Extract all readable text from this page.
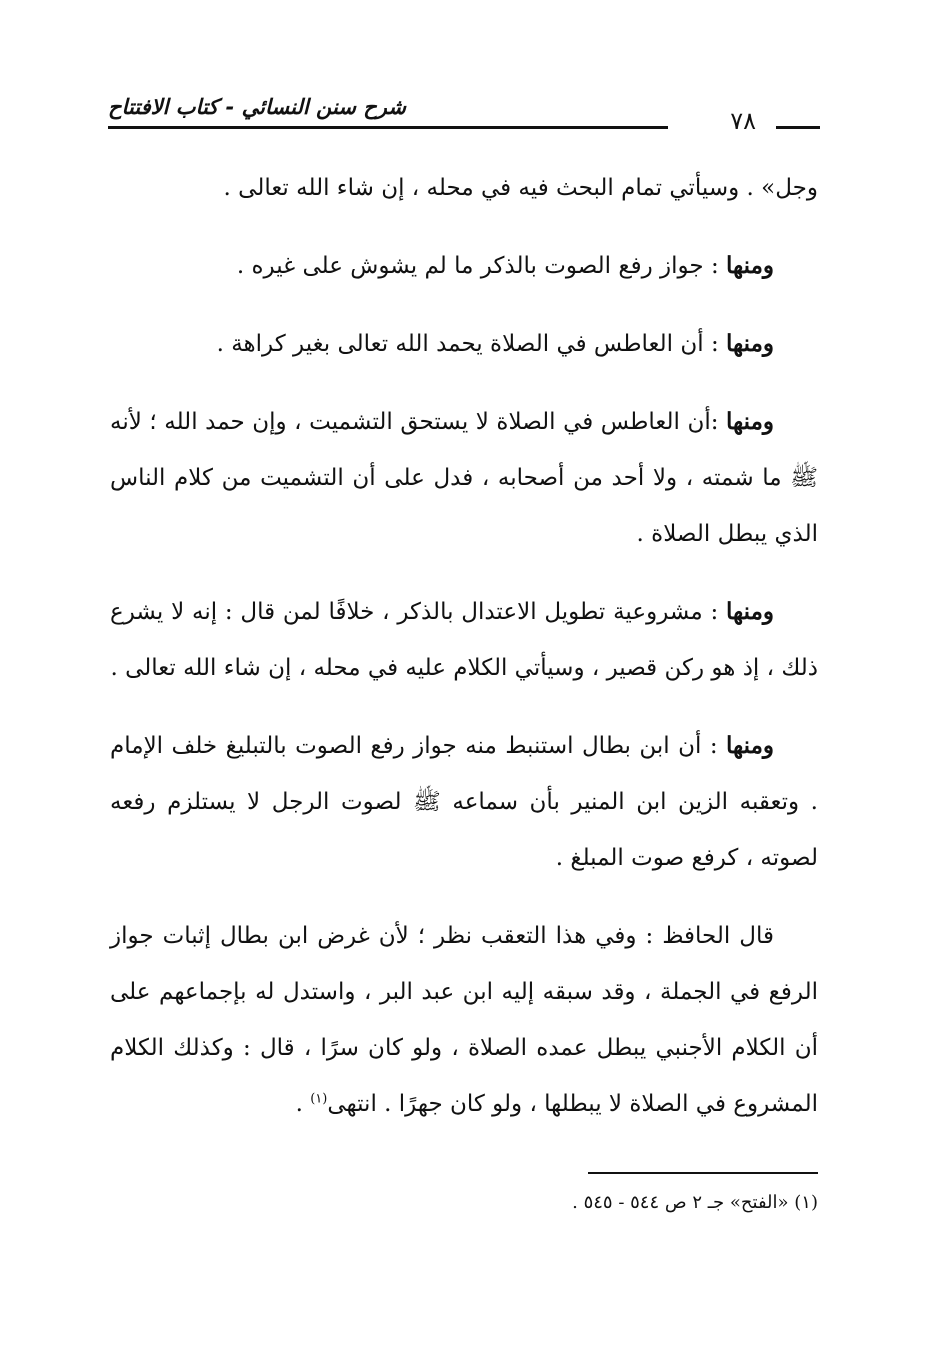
شرح سنن النسائي - كتاب الافتتاح	٧٨

وجل» . وسيأتي تمام البحث فيه في محله ، إن شاء الله تعالى .

ومنها : جواز رفع الصوت بالذكر ما لم يشوش على غيره .

ومنها : أن العاطس في الصلاة يحمد الله تعالى بغير كراهة .

ومنها :أن العاطس في الصلاة لا يستحق التشميت ، وإن حمد الله ؛ لأنه ﷺ ما شمته ، ولا أحد من أصحابه ، فدل على أن التشميت من كلام الناس الذي يبطل الصلاة .

ومنها : مشروعية تطويل الاعتدال بالذكر ، خلافًا لمن قال : إنه لا يشرع ذلك ، إذ هو ركن قصير ، وسيأتي الكلام عليه في محله ، إن شاء الله تعالى .

ومنها : أن ابن بطال استنبط منه جواز رفع الصوت بالتبليغ خلف الإمام . وتعقبه الزين ابن المنير بأن سماعه ﷺ لصوت الرجل لا يستلزم رفعه لصوته ، كرفع صوت المبلغ .

قال الحافظ : وفي هذا التعقب نظر ؛ لأن غرض ابن بطال إثبات جواز الرفع في الجملة ، وقد سبقه إليه ابن عبد البر ، واستدل له بإجماعهم على أن الكلام الأجنبي يبطل عمده الصلاة ، ولو كان سرًا ، قال : وكذلك الكلام المشروع في الصلاة لا يبطلها ، ولو كان جهرًا . انتهى$^{(١)}$ .

(١) «الفتح» جـ ٢ ص ٥٤٤ - ٥٤٥ .
